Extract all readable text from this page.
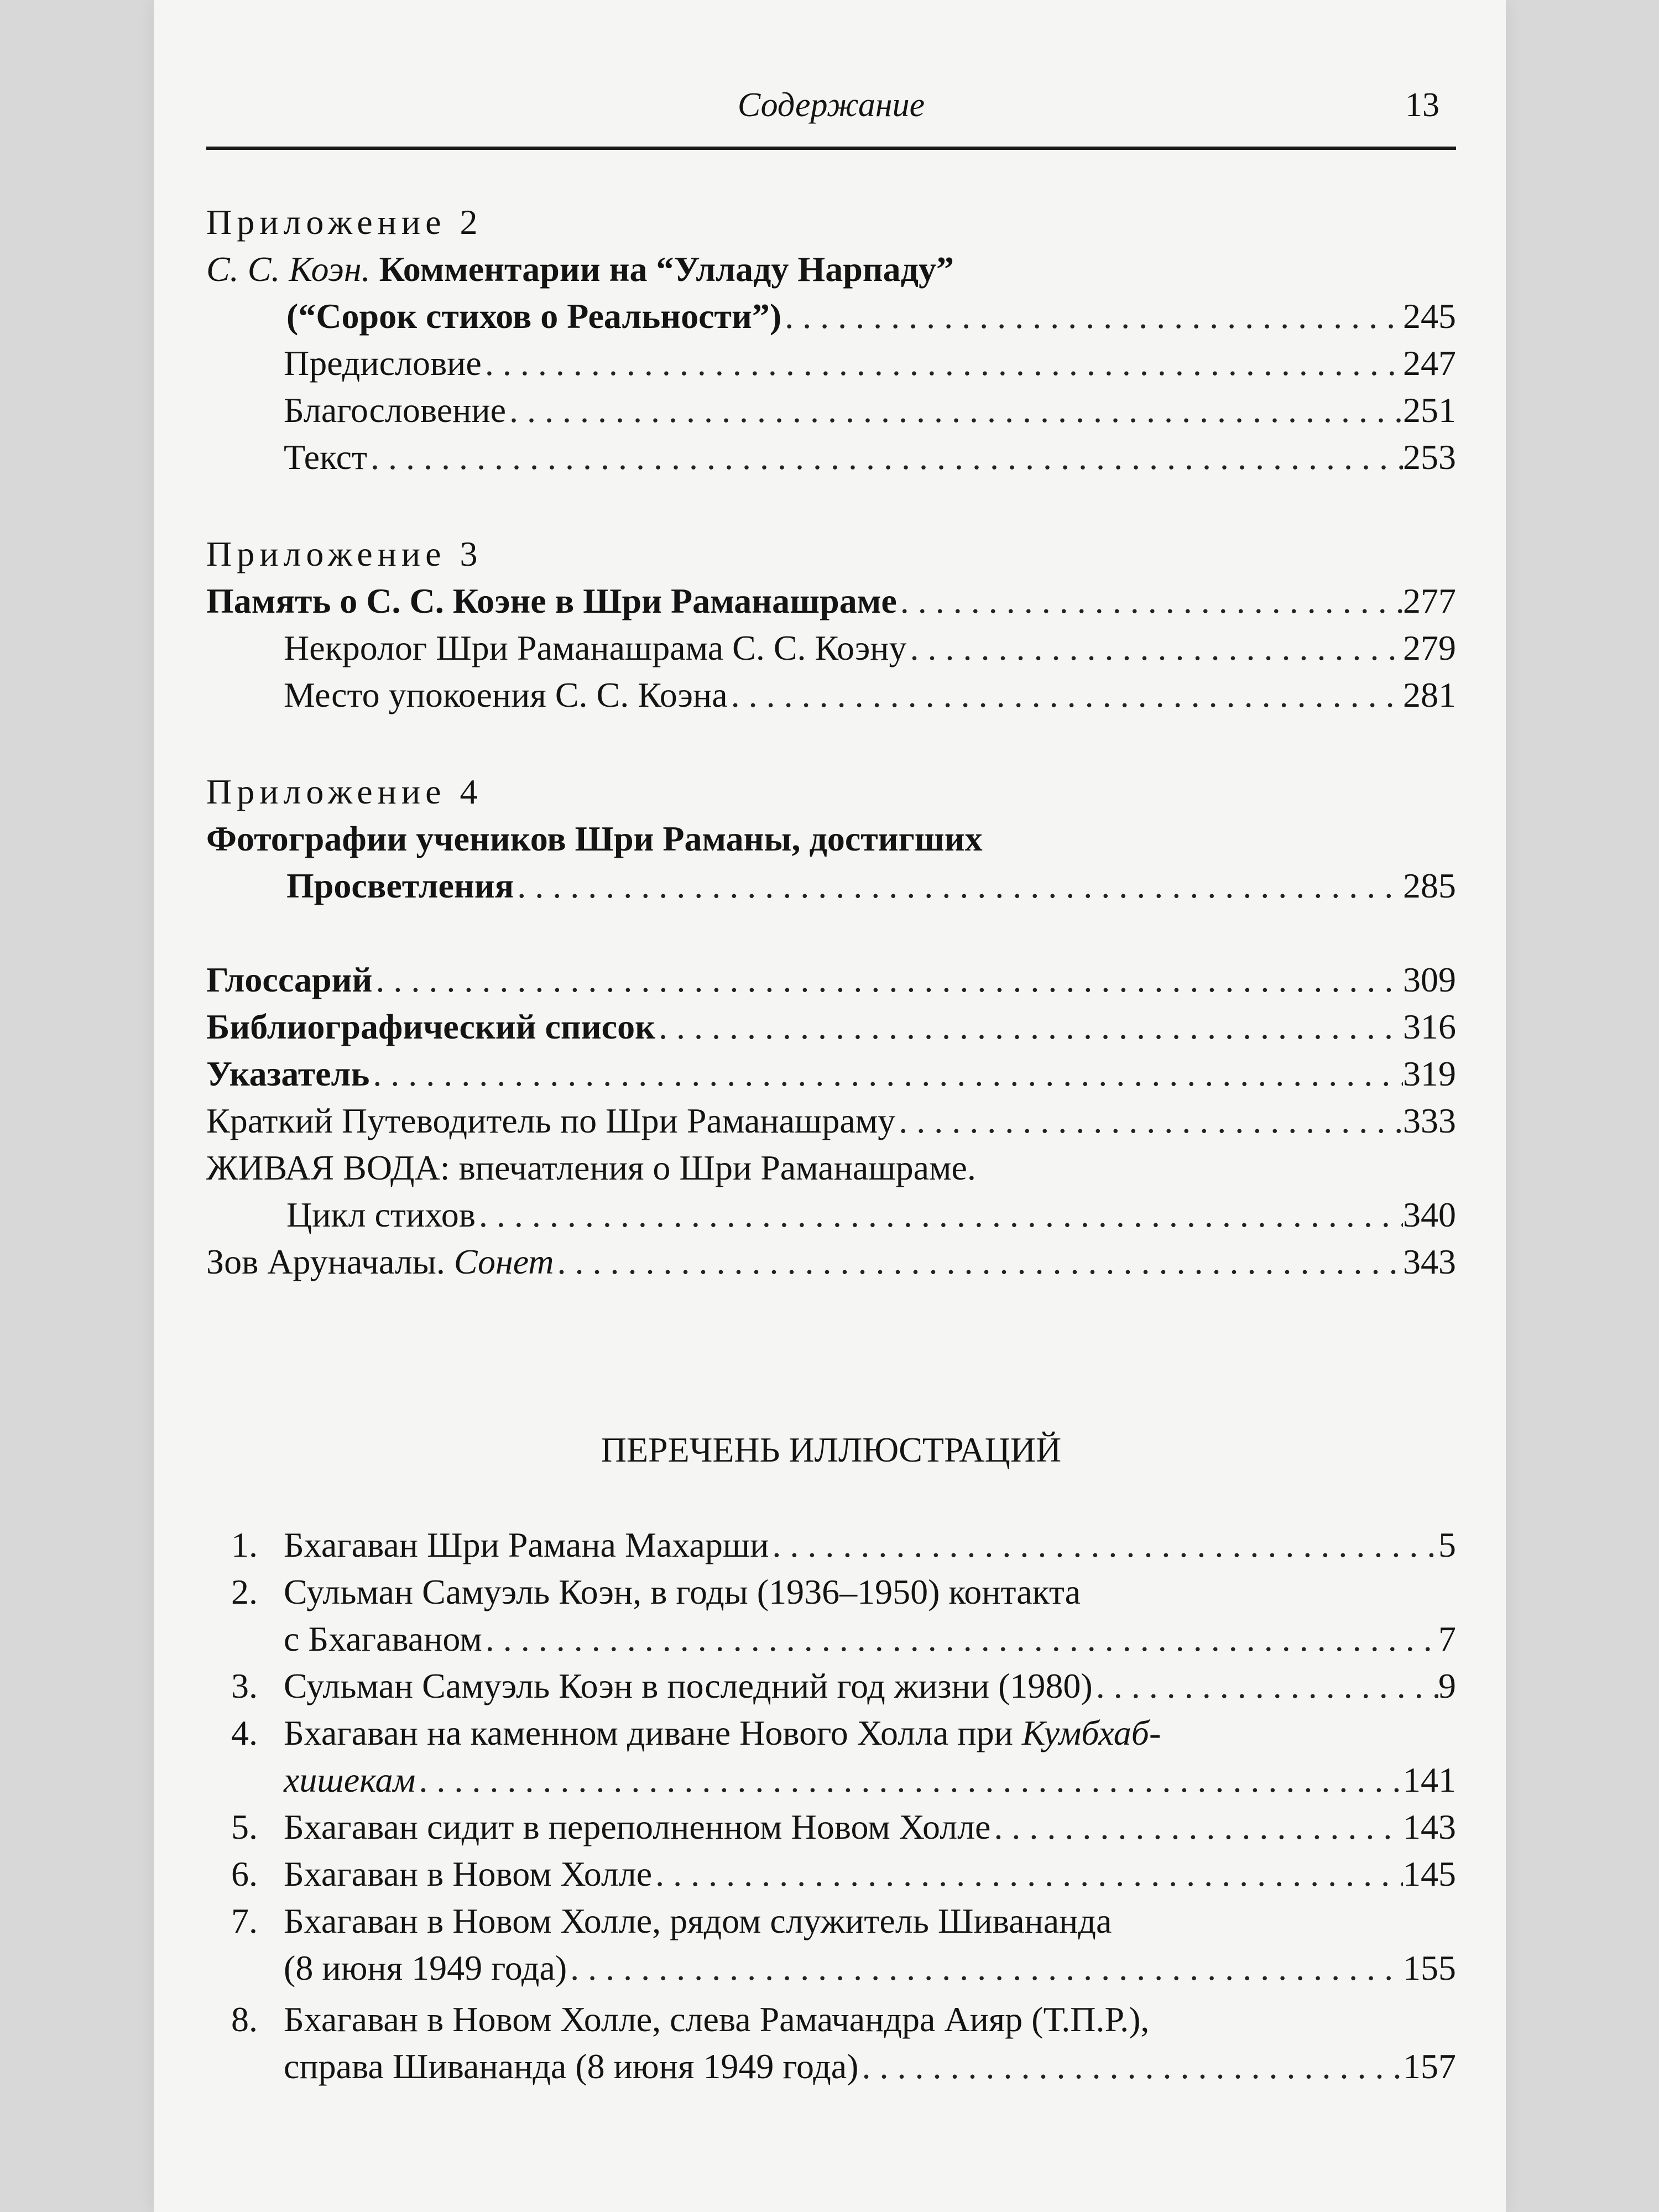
Содержание	13
Приложение 2
С. С. Коэн. Комментарии на “Улладу Нарпаду”
(“Сорок стихов о Реальности”) . . .	245
Предисловие . . .	247
Благословение . . .	251
Текст . . .	253
Приложение 3
Память о С. С. Коэне в Шри Раманашраме . . .	277
Некролог Шри Раманашрама С. С. Коэну . . .	279
Место упокоения С. С. Коэна . . .	281
Приложение 4
Фотографии учеников Шри Раманы, достигших
Просветления . . .	285
Глоссарий . . .	309
Библиографический список . . .	316
Указатель . . .	319
Краткий Путеводитель по Шри Раманашраму . . .	333
ЖИВАЯ ВОДА: впечатления о Шри Раманашраме.
Цикл стихов . . .	340
Зов Аруначалы. Сонет . . .	343
ПЕРЕЧЕНЬ ИЛЛЮСТРАЦИЙ
1. Бхагаван Шри Рамана Махарши . . .	5
2. Сульман Самуэль Коэн, в годы (1936–1950) контакта
с Бхагаваном . . .	7
3. Сульман Самуэль Коэн в последний год жизни (1980) . . .	9
4. Бхагаван на каменном диване Нового Холла при Кумбхаб-
хишекам . . .	141
5. Бхагаван сидит в переполненном Новом Холле . . .	143
6. Бхагаван в Новом Холле . . .	145
7. Бхагаван в Новом Холле, рядом служитель Шивананда
(8 июня 1949 года) . . .	155
8. Бхагаван в Новом Холле, слева Рамачандра Аияр (Т.П.Р.),
справа Шивананда (8 июня 1949 года) . . .	157
